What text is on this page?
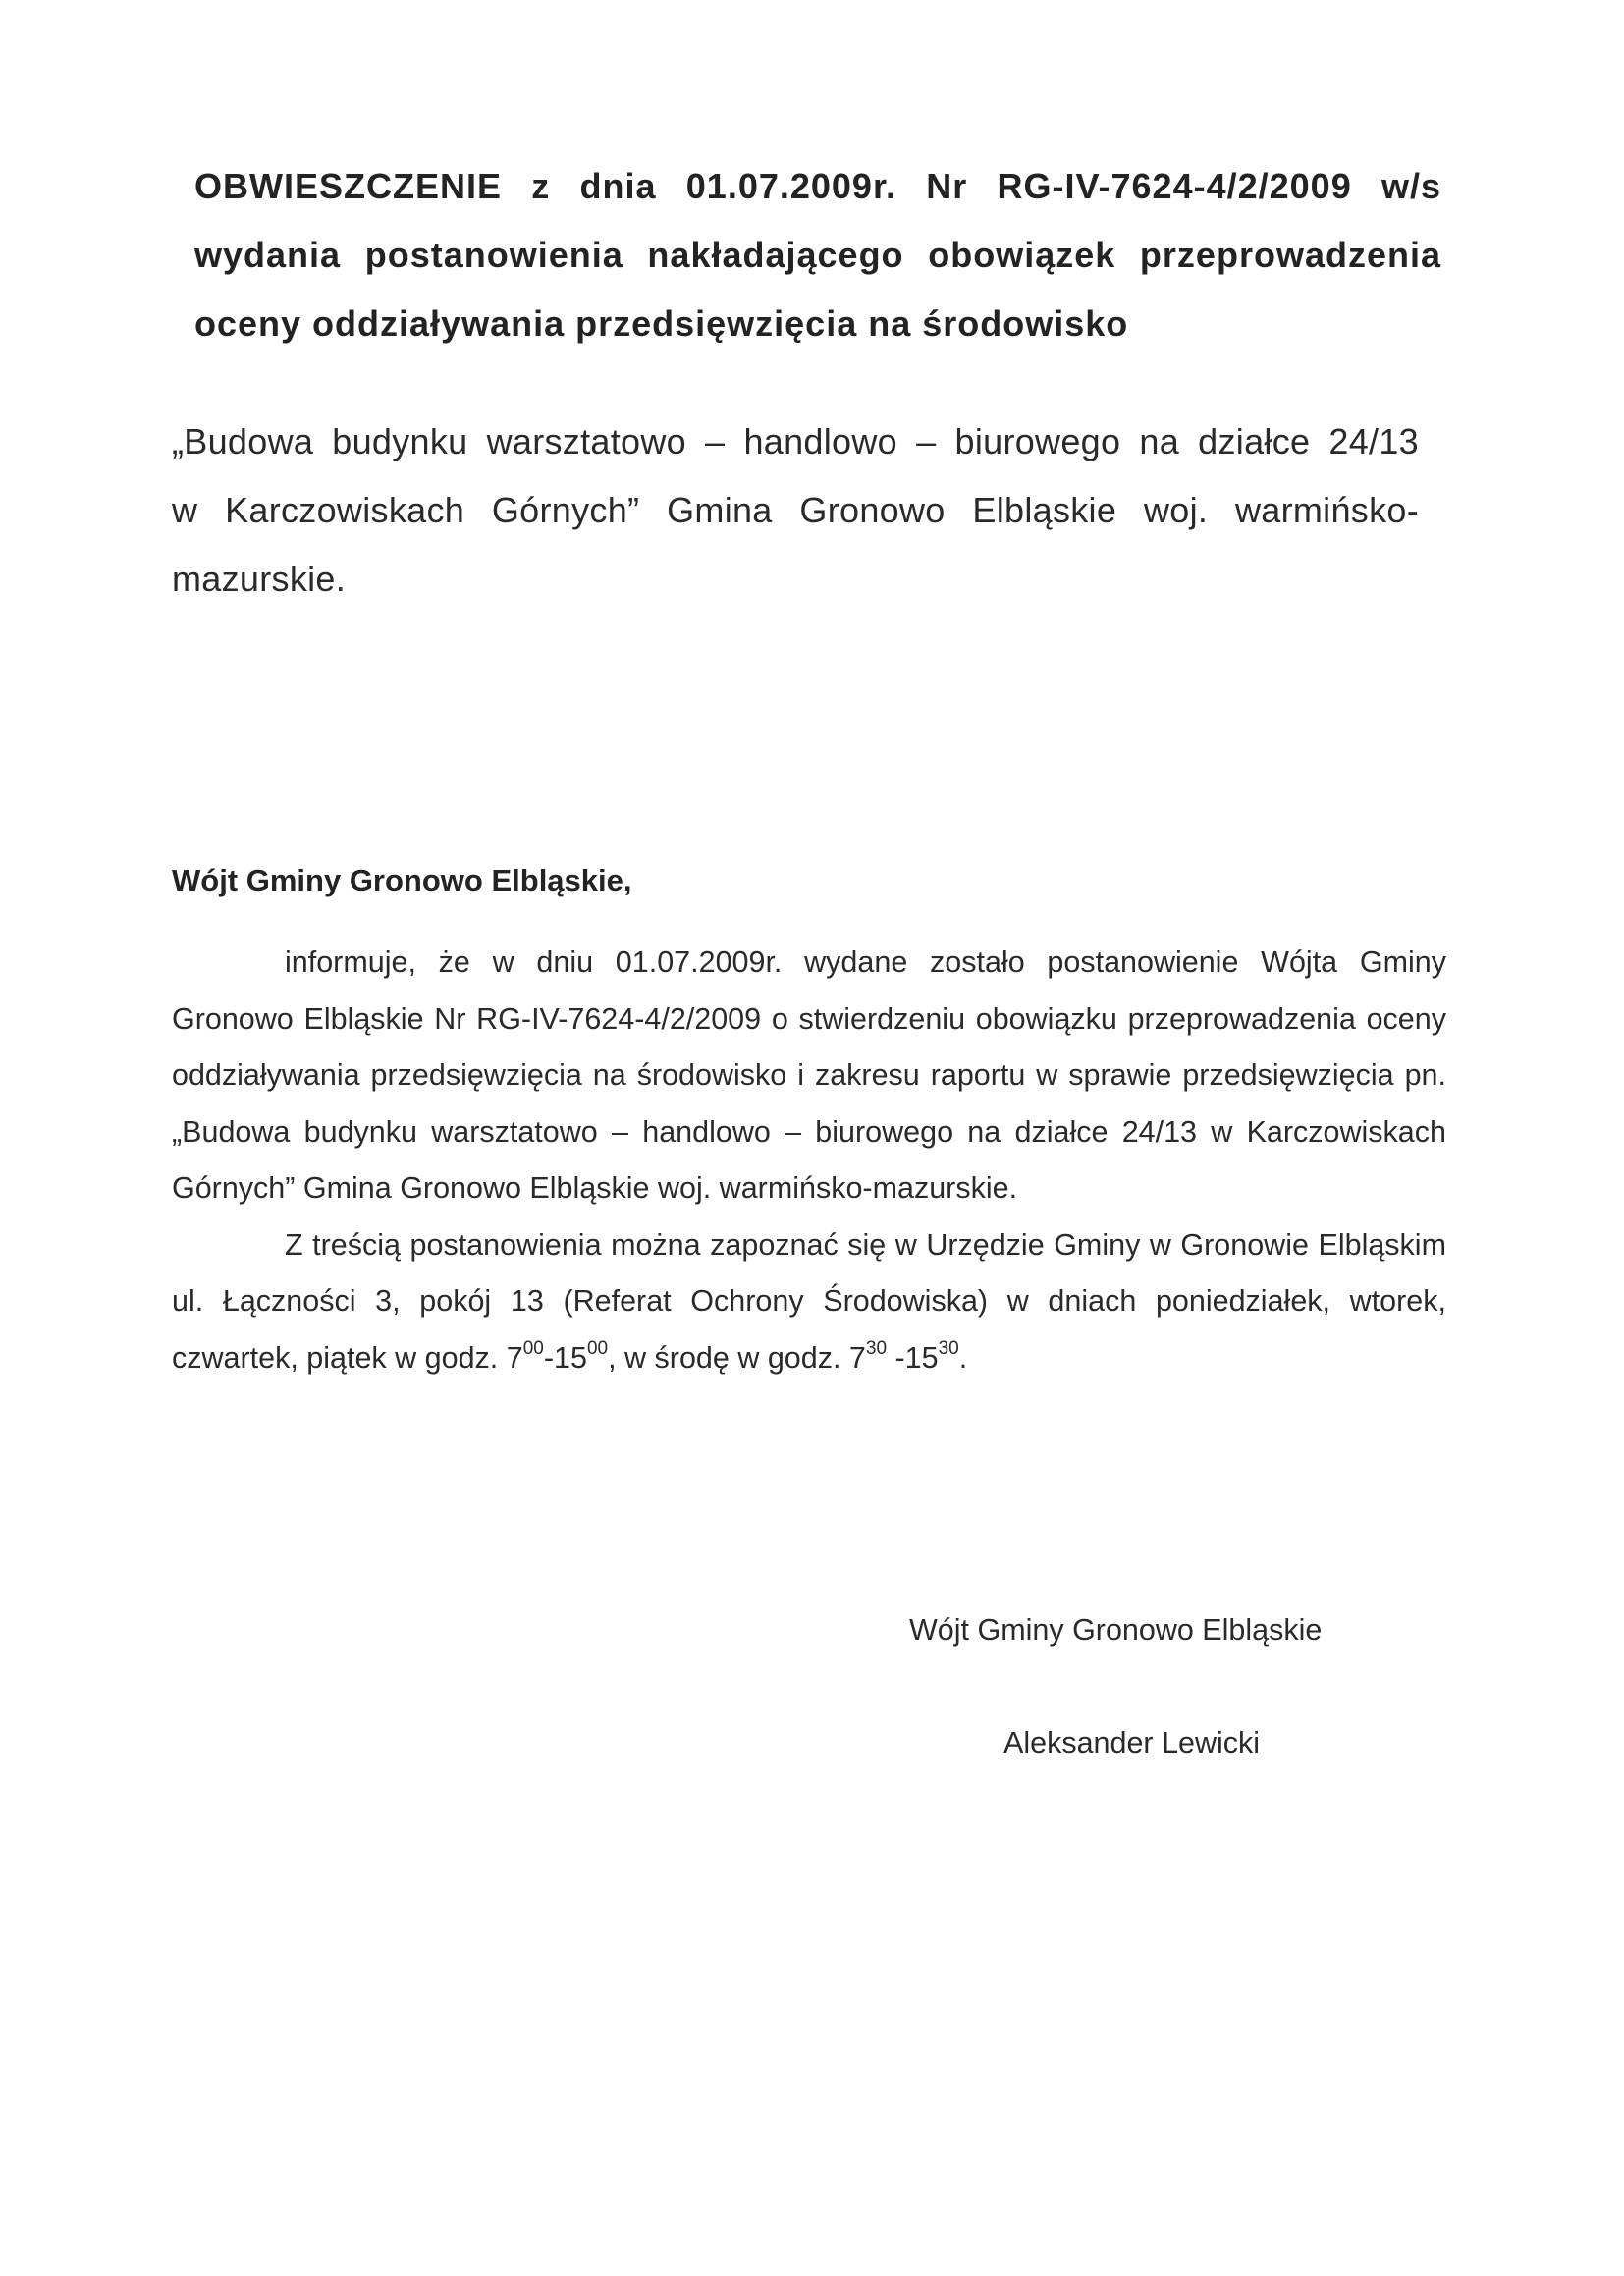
OBWIESZCZENIE z dnia 01.07.2009r. Nr RG-IV-7624-4/2/2009 w/s wydania postanowienia nakładającego obowiązek przeprowadzenia oceny oddziaływania przedsięwzięcia na środowisko
„Budowa budynku warsztatowo – handlowo – biurowego na działce 24/13 w Karczowiskach Górnych” Gmina Gronowo Elbląskie woj. warmińsko-mazurskie.
Wójt Gminy Gronowo Elbląskie,

informuje, że w dniu 01.07.2009r. wydane zostało postanowienie Wójta Gminy Gronowo Elbląskie Nr RG-IV-7624-4/2/2009 o stwierdzeniu obowiązku przeprowadzenia oceny oddziaływania przedsięwzięcia na środowisko i zakresu raportu w sprawie przedsięwzięcia pn. „Budowa budynku warsztatowo – handlowo – biurowego na działce 24/13 w Karczowiskach Górnych” Gmina Gronowo Elbląskie woj. warmińsko-mazurskie.

Z treścią postanowienia można zapoznać się w Urzędzie Gminy w Gronowie Elbląskim ul. Łączności 3, pokój 13 (Referat Ochrony Środowiska) w dniach poniedziałek, wtorek, czwartek, piątek w godz. $7^{00}-15^{00}$, w środę w godz. $7^{30}$ $-15^{30}$.

Wójt Gminy Gronowo Elbląskie
Aleksander Lewicki
